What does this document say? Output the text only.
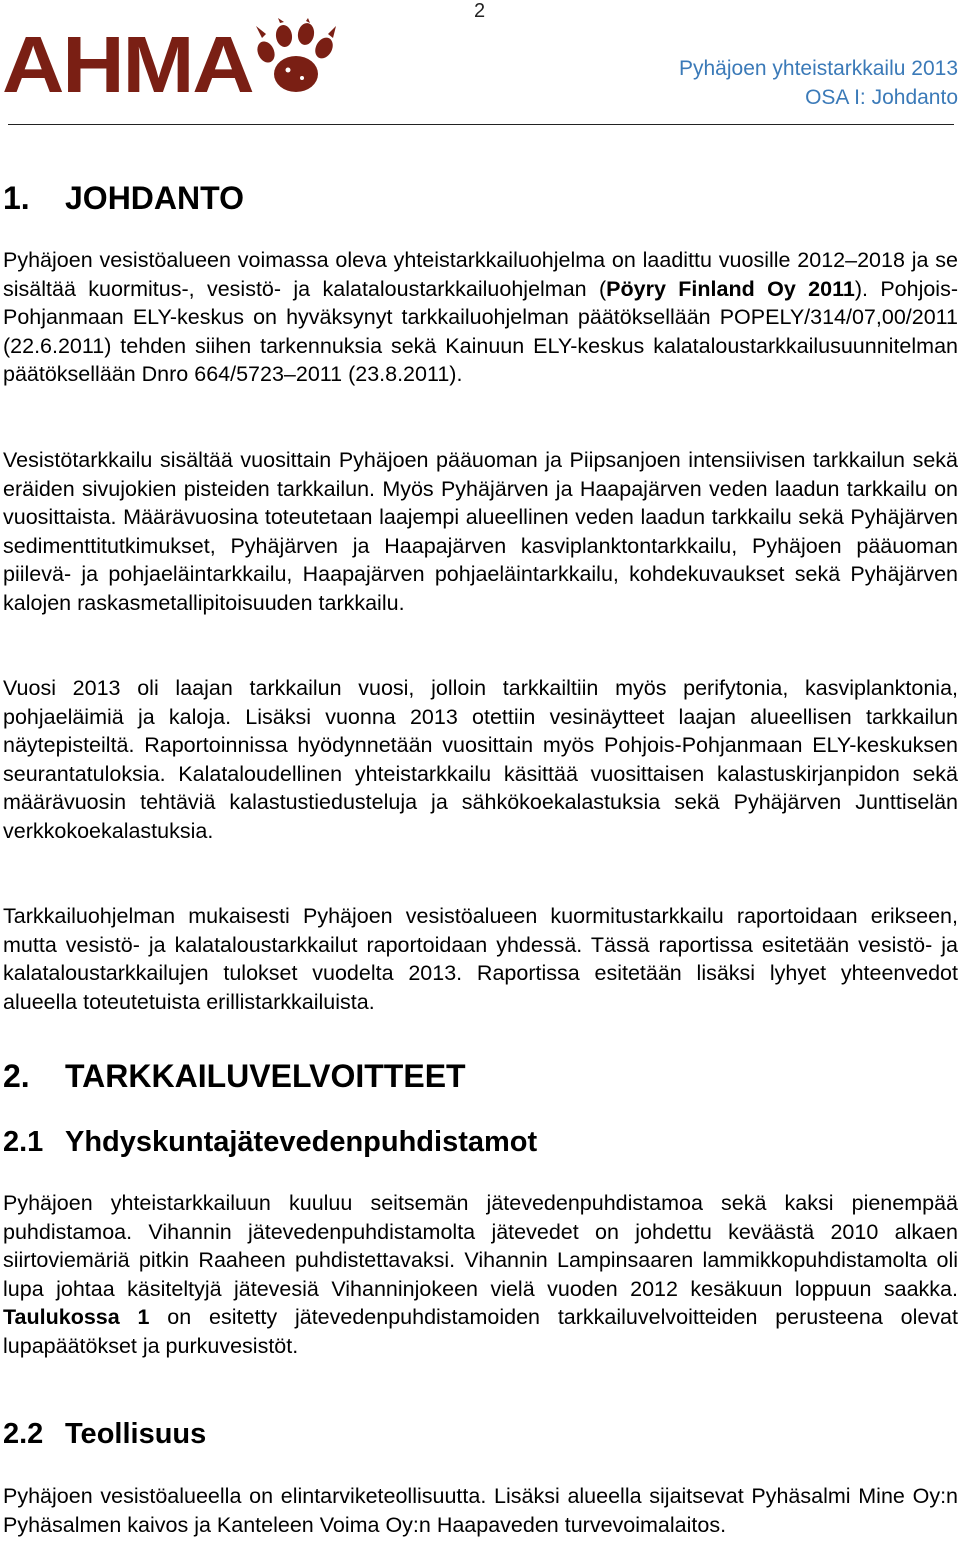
2
AHMA	Pyhäjoen yhteistarkkailu 2013
OSA I: Johdanto
1. JOHDANTO

Pyhäjoen vesistöalueen voimassa oleva yhteistarkkailuohjelma on laadittu vuosille 2012–2018 ja se sisältää kuormitus-, vesistö- ja kalataloustarkkailuohjelman (Pöyry Finland Oy 2011). Pohjois-Pohjanmaan ELY-keskus on hyväksynyt tarkkailuohjelman päätöksellään POPELY/314/07,00/2011 (22.6.2011) tehden siihen tarkennuksia sekä Kainuun ELY-keskus kalataloustarkkailusuunnitelman päätöksellään Dnro 664/5723–2011 (23.8.2011).

Vesistötarkkailu sisältää vuosittain Pyhäjoen pääuoman ja Piipsanjoen intensiivisen tarkkailun sekä eräiden sivujokien pisteiden tarkkailun. Myös Pyhäjärven ja Haapajärven veden laadun tarkkailu on vuosittaista. Määrävuosina toteutetaan laajempi alueellinen veden laadun tarkkailu sekä Pyhäjärven sedimenttitutkimukset, Pyhäjärven ja Haapajärven kasviplanktontarkkailu, Pyhäjoen pääuoman piilevä- ja pohjaeläintarkkailu, Haapajärven pohjaeläintarkkailu, kohdekuvaukset sekä Pyhäjärven kalojen raskasmetallipitoisuuden tarkkailu.

Vuosi 2013 oli laajan tarkkailun vuosi, jolloin tarkkailtiin myös perifytonia, kasviplanktonia, pohjaeläimiä ja kaloja. Lisäksi vuonna 2013 otettiin vesinäytteet laajan alueellisen tarkkailun näytepisteiltä. Raportoinnissa hyödynnetään vuosittain myös Pohjois-Pohjanmaan ELY-keskuksen seurantatuloksia. Kalataloudellinen yhteistarkkailu käsittää vuosittaisen kalastuskirjanpidon sekä määrävuosin tehtäviä kalastustiedusteluja ja sähkökoekalastuksia sekä Pyhäjärven Junttiselän verkkokoekalastuksia.

Tarkkailuohjelman mukaisesti Pyhäjoen vesistöalueen kuormitustarkkailu raportoidaan erikseen, mutta vesistö- ja kalataloustarkkailut raportoidaan yhdessä. Tässä raportissa esitetään vesistö- ja kalataloustarkkailujen tulokset vuodelta 2013. Raportissa esitetään lisäksi lyhyet yhteenvedot alueella toteutetuista erillistarkkailuista.

2. TARKKAILUVELVOITTEET
2.1 Yhdyskuntajätevedenpuhdistamot

Pyhäjoen yhteistarkkailuun kuuluu seitsemän jätevedenpuhdistamoa sekä kaksi pienempää puhdistamoa. Vihannin jätevedenpuhdistamolta jätevedet on johdettu keväästä 2010 alkaen siirtoviemäriä pitkin Raaheen puhdistettavaksi. Vihannin Lampinsaaren lammikkopuhdistamolta oli lupa johtaa käsiteltyjä jätevesiä Vihanninjokeen vielä vuoden 2012 kesäkuun loppuun saakka. Taulukossa 1 on esitetty jätevedenpuhdistamoiden tarkkailuvelvoitteiden perusteena olevat lupapäätökset ja purkuvesistöt.

2.2 Teollisuus

Pyhäjoen vesistöalueella on elintarviketeollisuutta. Lisäksi alueella sijaitsevat Pyhäsalmi Mine Oy:n Pyhäsalmen kaivos ja Kanteleen Voima Oy:n Haapaveden turvevoimalaitos.
